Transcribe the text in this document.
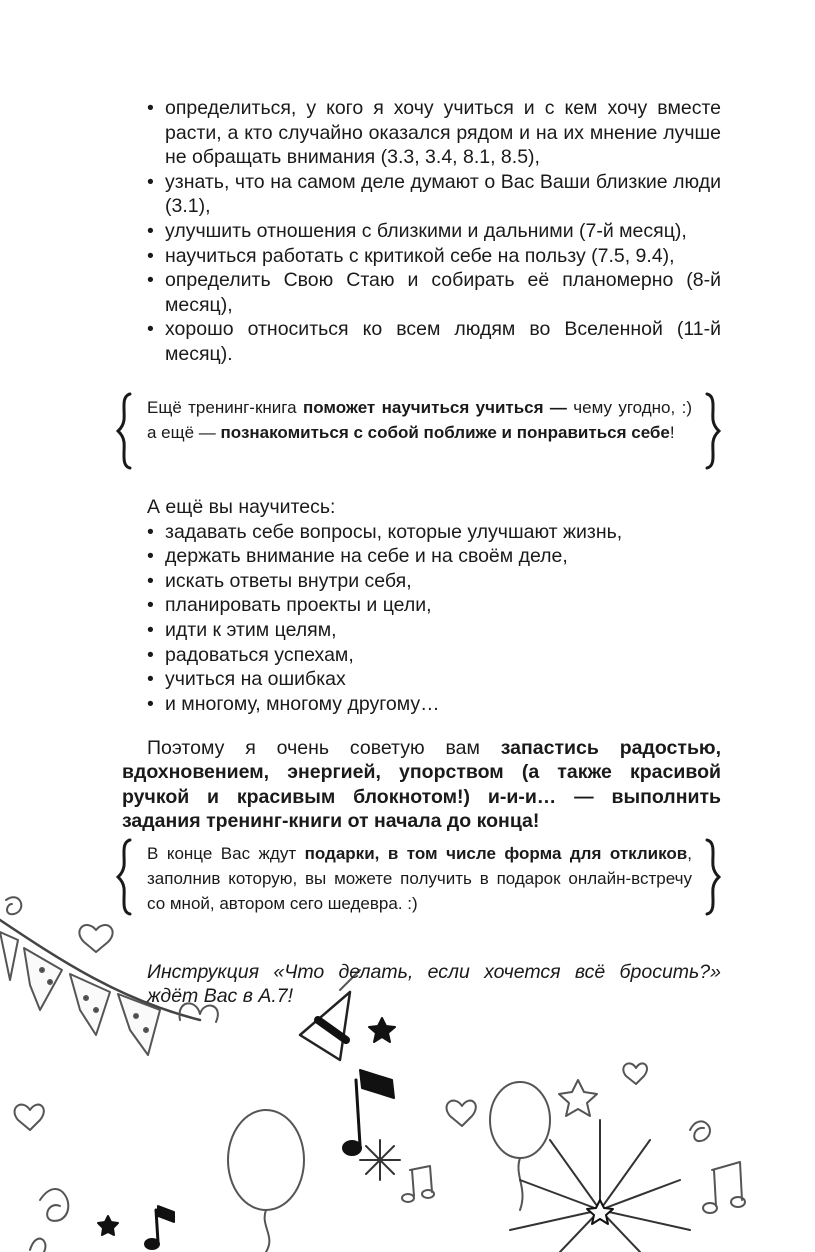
• определиться, у кого я хочу учиться и с кем хочу вместе расти, а кто случайно оказался рядом и на их мнение лучше не обращать внимания (3.3, 3.4, 8.1, 8.5),
• узнать, что на самом деле думают о Вас Ваши близкие люди (3.1),
• улучшить отношения с близкими и дальними (7-й месяц),
• научиться работать с критикой себе на пользу (7.5, 9.4),
• определить Свою Стаю и собирать её планомерно (8-й месяц),
• хорошо относиться ко всем людям во Вселенной (11-й месяц).
Ещё тренинг-книга поможет научиться учиться — чему угодно, :) а ещё — познакомиться с собой поближе и понравиться себе!

А ещё вы научитесь:

• задавать себе вопросы, которые улучшают жизнь,
• держать внимание на себе и на своём деле,
• искать ответы внутри себя,
• планировать проекты и цели,
• идти к этим целям,
• радоваться успехам,
• учиться на ошибках
• и многому, многому другому…

Поэтому я очень советую вам запастись радостью, вдохновением, энергией, упорством (а также красивой ручкой и красивым блокнотом!) и-и-и… — выполнить задания тренинг-книги от начала до конца!

В конце Вас ждут подарки, в том числе форма для откликов, заполнив которую, вы можете получить в подарок онлайн-встречу со мной, автором сего шедевра. :)

Инструкция «Что делать, если хочется всё бросить?» ждёт Вас в А.7!
